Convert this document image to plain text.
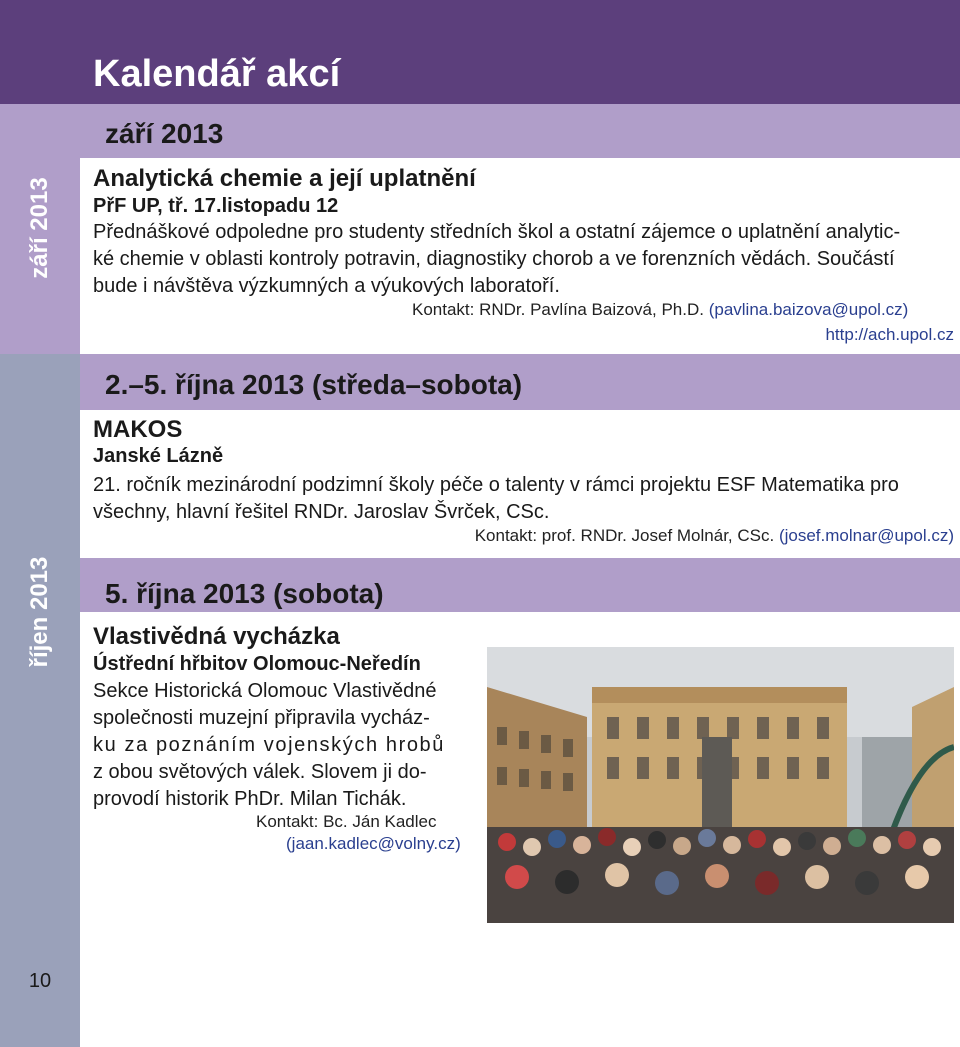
Kalendář akcí
září 2013
říjen 2013
10
září 2013
Analytická chemie a její uplatnění
PřF UP, tř. 17.listopadu 12
Přednáškové odpoledne pro studenty středních škol a ostatní zájemce o uplatnění analytic-
ké chemie v oblasti kontroly potravin, diagnostiky chorob a ve forenzních vědách. Součástí
bude i návštěva výzkumných a výukových laboratoří.
Kontakt: RNDr. Pavlína Baizová, Ph.D. (pavlina.baizova@upol.cz)
http://ach.upol.cz
2.–5. října 2013 (středa–sobota)
MAKOS
Janské Lázně
21. ročník mezinárodní podzimní školy péče o talenty v rámci projektu ESF Matematika pro
všechny, hlavní řešitel RNDr. Jaroslav Švrček, CSc.
Kontakt: prof. RNDr. Josef Molnár, CSc. (josef.molnar@upol.cz)
5. října 2013 (sobota)
Vlastivědná vycházka
Ústřední hřbitov Olomouc-Neředín
Sekce Historická Olomouc Vlastivědné
společnosti muzejní připravila vycház-
ku za poznáním vojenských hrobů
z obou světových válek. Slovem ji do-
provodí historik PhDr. Milan Tichák.
Kontakt: Bc. Ján Kadlec
(jaan.kadlec@volny.cz)
